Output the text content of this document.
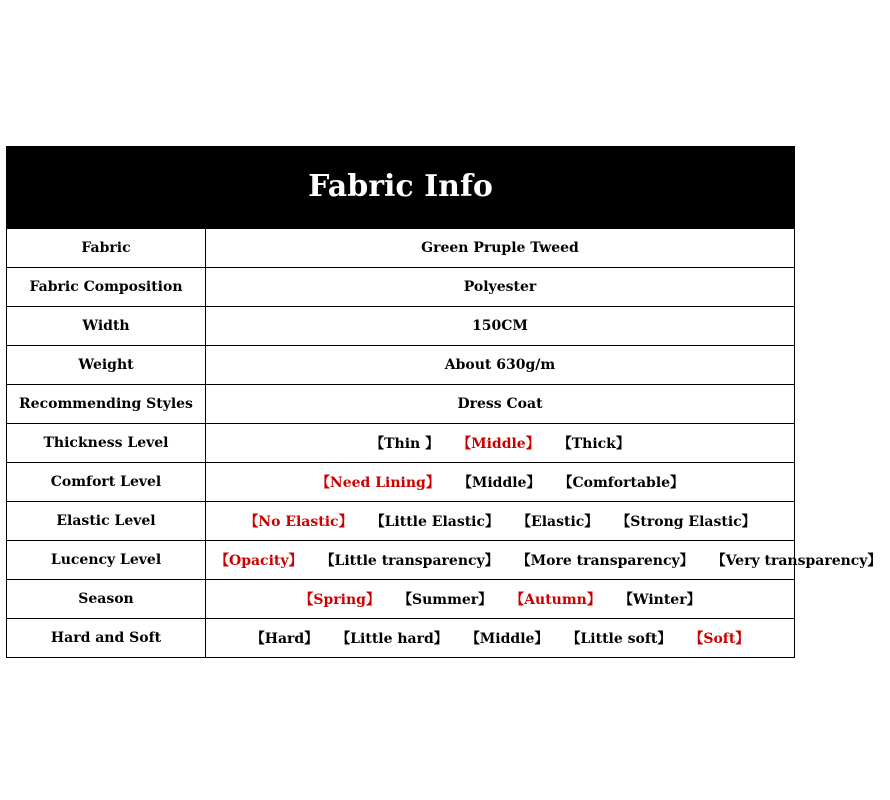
Fabric Info
Fabric	Green Pruple Tweed
Fabric Composition	Polyester
Width	150CM
Weight	About 630g/m
Recommending Styles	Dress Coat
Thickness Level	【Thin 】 【Middle】 【Thick】
Comfort Level	【Need Lining】 【Middle】 【Comfortable】
Elastic Level	【No Elastic】 【Little Elastic】 【Elastic】 【Strong Elastic】
Lucency Level	【Opacity】 【Little transparency】 【More transparency】 【Very transparency】
Season	【Spring】 【Summer】 【Autumn】 【Winter】
Hard and Soft	【Hard】 【Little hard】 【Middle】 【Little soft】 【Soft】
